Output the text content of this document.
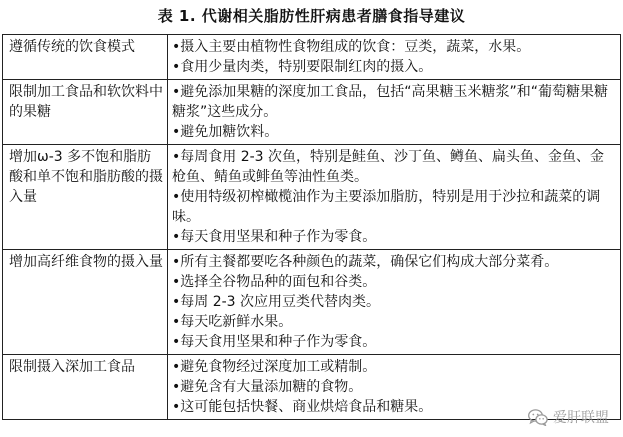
表 1. 代谢相关脂肪性肝病患者膳食指导建议
遵循传统的饮食模式	•摄入主要由植物性食物组成的饮食：豆类，蔬菜，水果。
•食用少量肉类，特别要限制红肉的摄入。

限制加工食品和软饮料中的果糖	•避免添加果糖的深度加工食品，包括“高果糖玉米糖浆”和“葡萄糖果糖糖浆”这些成分。
•避免加糖饮料。

增加ω-3 多不饱和脂肪酸和单不饱和脂肪酸的摄入量	•每周食用 2-3 次鱼，特别是鲑鱼、沙丁鱼、鳟鱼、扁头鱼、金鱼、金枪鱼、鲭鱼或鲱鱼等油性鱼类。
•使用特级初榨橄榄油作为主要添加脂肪，特别是用于沙拉和蔬菜的调味。
•每天食用坚果和种子作为零食。

增加高纤维食物的摄入量	•所有主餐都要吃各种颜色的蔬菜，确保它们构成大部分菜肴。
•选择全谷物品种的面包和谷类。
•每周 2-3 次应用豆类代替肉类。
•每天吃新鲜水果。
•每天食用坚果和种子作为零食。

限制摄入深加工食品	•避免食物经过深度加工或精制。
•避免含有大量添加糖的食物。
•这可能包括快餐、商业烘焙食品和糖果。
爱肝联盟
